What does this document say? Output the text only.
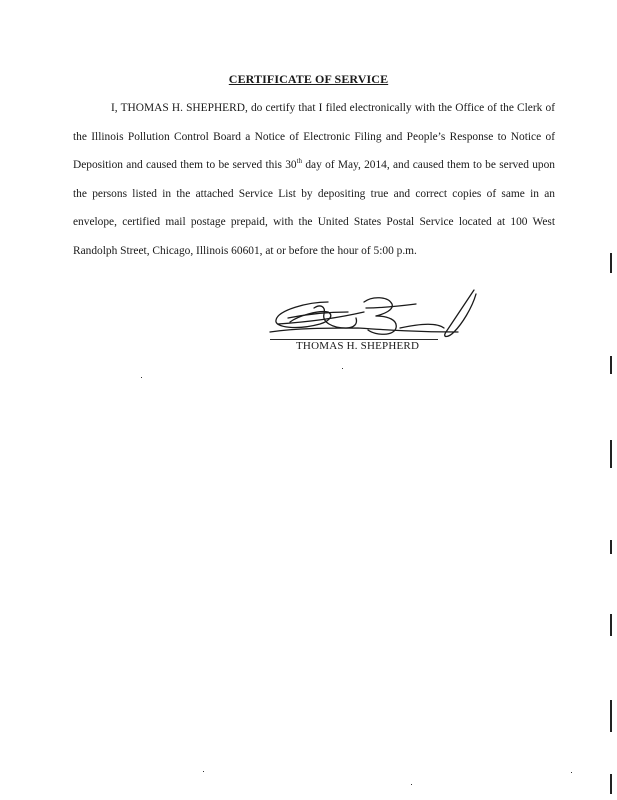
CERTIFICATE OF SERVICE

I, THOMAS H. SHEPHERD, do certify that I filed electronically with the Office of the Clerk of the Illinois Pollution Control Board a Notice of Electronic Filing and People’s Response to Notice of Deposition and caused them to be served this 30th day of May, 2014, and caused them to be served upon the persons listed in the attached Service List by depositing true and correct copies of same in an envelope, certified mail postage prepaid, with the United States Postal Service located at 100 West Randolph Street, Chicago, Illinois 60601, at or before the hour of 5:00 p.m.

THOMAS H. SHEPHERD
